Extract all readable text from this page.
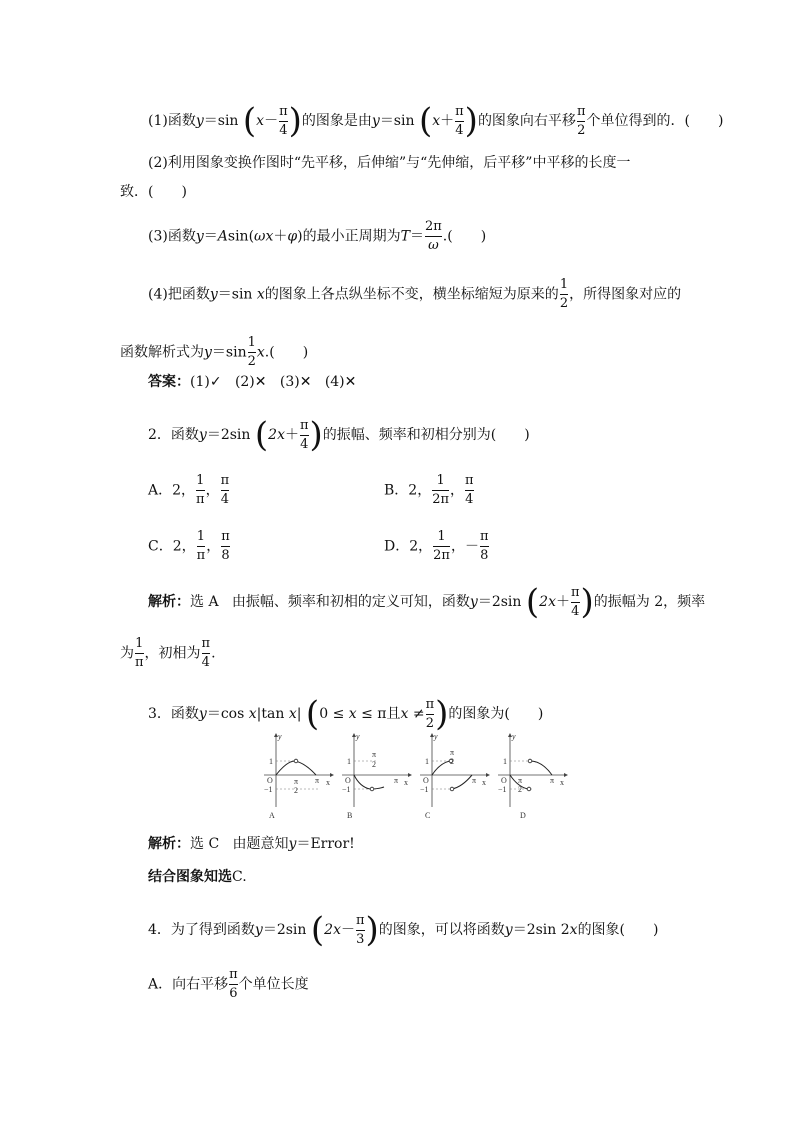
(1)函数y＝sin ($x- \frac{\pi}{4}$ )的图象是由y＝sin ($x+ \frac{\pi}{4}$ )的图象向右平移 $\frac{\pi}{2}$ 个单位得到的．(　　)
(2)利用图象变换作图时“先平移，后伸缩”与“先伸缩，后平移”中平移的长度一
致．(　　)
(3)函数y＝Asin(ωx＋φ)的最小正周期为$T= \frac{2\pi}{\omega}$ .(　　)
(4)把函数y＝sin x的图象上各点纵坐标不变，横坐标缩短为原来的 $\frac{1}{2}$ ，所得图象对应的
函数解析式为$y=\sin \frac{1}{2} x$.(　　)
答案：(1)✓ (2)✕ (3)✕ (4)✕
2．函数y＝2sin ($2x+ \frac{\pi}{4}$ )的振幅、频率和初相分别为(　　)
A．2， $\frac{1}{\pi}$ ， $\frac{\pi}{4}$	B．2， $\frac{1}{2\pi}$ ， $\frac{\pi}{4}$
C．2， $\frac{1}{\pi}$ ， $\frac{\pi}{8}$	D．2， $\frac{1}{2\pi}$ ，－ $\frac{\pi}{8}$
解析：选 A 由振幅、频率和初相的定义可知，函数y＝2sin ($2x+ \frac{\pi}{4}$ )的振幅为 2，频率
为 $\frac{1}{\pi}$ ，初相为 $\frac{\pi}{4}$ .
3．函数y＝cos x|tan x| (0 ≤ x ≤ π且$x \ne \frac{\pi}{2}$ )的图象为(　　)
y
x
O
1
−1
π
π
2
A
y
x
O
1
−1
π
π
2
B
y
x
O
1
−1
π
π
2
C
y
x
O
1
−1
π
π
2
D
解析：选 C 由题意知y＝Error!
结合图象知选C.
4．为了得到函数y＝2sin ($2x- \frac{\pi}{3}$ )的图象，可以将函数y＝2sin 2x的图象(　　)
A．向右平移 $\frac{\pi}{6}$ 个单位长度
